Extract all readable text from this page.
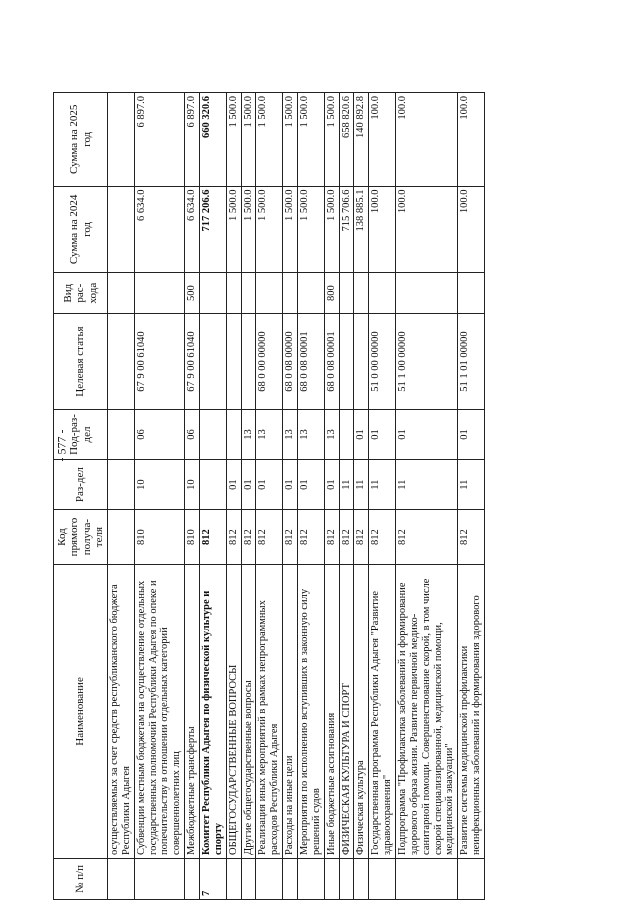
- 577 -
№ п/п	Наименование	Код прямого получа-теля	Раз-дел	Под-раз-дел	Целевая статья	Вид рас-хода	Сумма на 2024 год	Сумма на 2025 год
	осуществляемых за счет средств республиканского бюджета Республики Адыгея							
	Субвенции местным бюджетам на осуществление отдельных государственных полномочий Республики Адыгея по опеке и попечительству в отношении отдельных категорий совершеннолетних лиц	810	10	06	67 9 00 61040		6 634.0	6 897.0
	Межбюджетные трансферты	810	10	06	67 9 00 61040	500	6 634.0	6 897.0
7	Комитет Республики Адыгея по физической культуре и спорту	812					717 206.6	660 320.6
	ОБЩЕГОСУДАРСТВЕННЫЕ ВОПРОСЫ	812	01				1 500.0	1 500.0
	Другие общегосударственные вопросы	812	01	13			1 500.0	1 500.0
	Реализация иных мероприятий в рамках непрограммных расходов Республики Адыгея	812	01	13	68 0 00 00000		1 500.0	1 500.0
	Расходы на иные цели	812	01	13	68 0 08 00000		1 500.0	1 500.0
	Мероприятия по исполнению вступивших в законную силу решений судов	812	01	13	68 0 08 00001		1 500.0	1 500.0
	Иные бюджетные ассигнования	812	01	13	68 0 08 00001	800	1 500.0	1 500.0
	ФИЗИЧЕСКАЯ КУЛЬТУРА И СПОРТ	812	11				715 706.6	658 820.6
	Физическая культура	812	11	01			138 885.1	140 892.8
	Государственная программа Республики Адыгея "Развитие здравоохранения"	812	11	01	51 0 00 00000		100.0	100.0
	Подпрограмма "Профилактика заболеваний и формирование здорового образа жизни. Развитие первичной медико-санитарной помощи. Совершенствование скорой, в том числе скорой специализированной, медицинской помощи, медицинской эвакуации"	812	11	01	51 1 00 00000		100.0	100.0
	Развитие системы медицинской профилактики неинфекционных заболеваний и формирования здорового	812	11	01	51 1 01 00000		100.0	100.0
